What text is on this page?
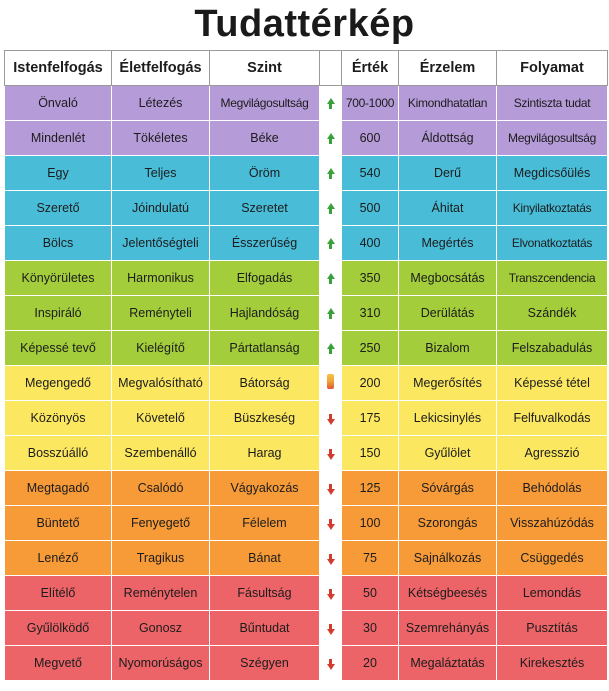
Tudattérkép
Istenfelfogás	Életfelfogás	Szint		Érték	Érzelem	Folyamat
Önvaló	Létezés	Megvilágosultság		700-1000	Kimondhatatlan	Szintiszta tudat
Mindenlét	Tökéletes	Béke		600	Áldottság	Megvilágosultság
Egy	Teljes	Öröm		540	Derű	Megdicsőülés
Szerető	Jóindulatú	Szeretet		500	Áhitat	Kinyilatkoztatás
Bölcs	Jelentőségteli	Ésszerűség		400	Megértés	Elvonatkoztatás
Könyörületes	Harmonikus	Elfogadás		350	Megbocsátás	Transzcendencia
Inspiráló	Reményteli	Hajlandóság		310	Derülátás	Szándék
Képessé tevő	Kielégítő	Pártatlanság		250	Bizalom	Felszabadulás
Megengedő	Megvalósítható	Bátorság		200	Megerősítés	Képessé tétel
Közönyös	Követelő	Büszkeség		175	Lekicsinylés	Felfuvalkodás
Bosszúálló	Szembenálló	Harag		150	Gyűlölet	Agresszió
Megtagadó	Csalódó	Vágyakozás		125	Sóvárgás	Behódolás
Büntető	Fenyegető	Félelem		100	Szorongás	Visszahúzódás
Lenéző	Tragikus	Bánat		75	Sajnálkozás	Csüggedés
Elítélő	Reménytelen	Fásultság		50	Kétségbeesés	Lemondás
Gyűlölködő	Gonosz	Bűntudat		30	Szemrehányás	Pusztítás
Megvető	Nyomorúságos	Szégyen		20	Megaláztatás	Kirekesztés
